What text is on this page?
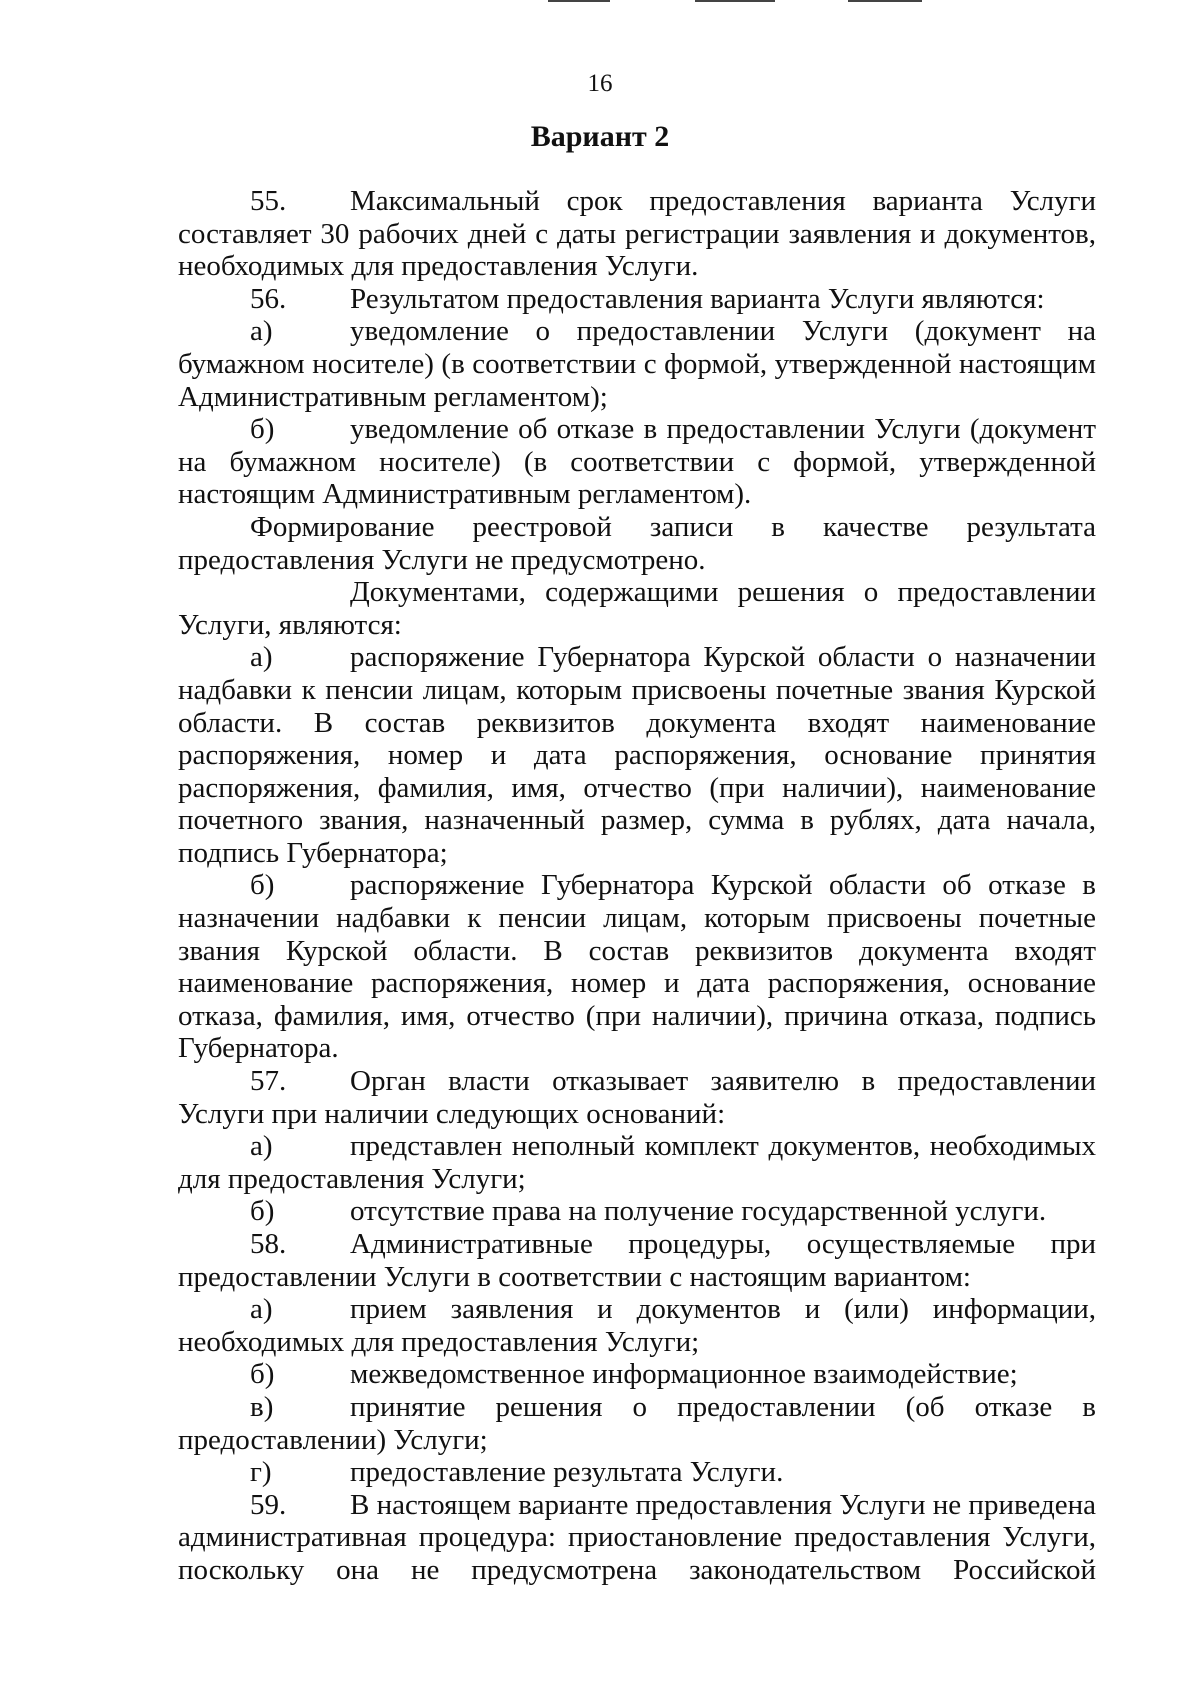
16
Вариант 2

55. Максимальный срок предоставления варианта Услуги составляет 30 рабочих дней с даты регистрации заявления и документов, необходимых для предоставления Услуги.

56. Результатом предоставления варианта Услуги являются:

а)	уведомление о предоставлении Услуги (документ на бумажном носителе) (в соответствии с формой, утвержденной настоящим Административным регламентом);

б)	уведомление об отказе в предоставлении Услуги (документ на бумажном носителе) (в соответствии с формой, утвержденной настоящим Административным регламентом).

Формирование реестровой записи в качестве результата предоставления Услуги не предусмотрено.

Документами, содержащими решения о предоставлении Услуги, являются:

а)	распоряжение Губернатора Курской области о назначении надбавки к пенсии лицам, которым присвоены почетные звания Курской области. В состав реквизитов документа входят наименование распоряжения, номер и дата распоряжения, основание принятия распоряжения, фамилия, имя, отчество (при наличии), наименование почетного звания, назначенный размер, сумма в рублях, дата начала, подпись Губернатора;

б)	распоряжение Губернатора Курской области об отказе в назначении надбавки к пенсии лицам, которым присвоены почетные звания Курской области. В состав реквизитов документа входят наименование распоряжения, номер и дата распоряжения, основание отказа, фамилия, имя, отчество (при наличии), причина отказа, подпись Губернатора.

57. Орган власти отказывает заявителю в предоставлении Услуги при наличии следующих оснований:

а)	представлен неполный комплект документов, необходимых для предоставления Услуги;

б)	отсутствие права на получение государственной услуги.

58. Административные процедуры, осуществляемые при предоставлении Услуги в соответствии с настоящим вариантом:

а)	прием заявления и документов и (или) информации, необходимых для предоставления Услуги;

б)	межведомственное информационное взаимодействие;

в)	принятие решения о предоставлении (об отказе в предоставлении) Услуги;

г)	предоставление результата Услуги.

59. В настоящем варианте предоставления Услуги не приведена административная процедура: приостановление предоставления Услуги, поскольку она не предусмотрена законодательством Российской
